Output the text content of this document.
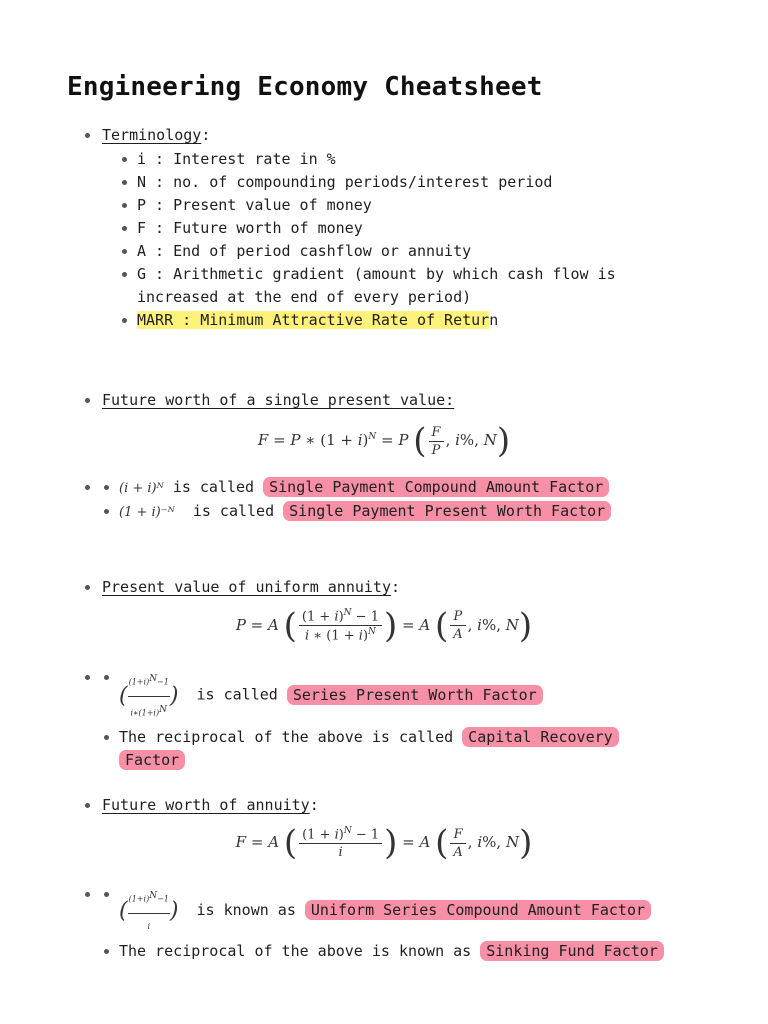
Engineering Economy Cheatsheet
Terminology:
i : Interest rate in %
N : no. of compounding periods/interest period
P : Present value of money
F : Future worth of money
A : End of period cashflow or annuity
G : Arithmetic gradient (amount by which cash flow is increased at the end of every period)
MARR : Minimum Attractive Rate of Return
Future worth of a single present value:
F = P ∗ $(1 + i)^N = P$ ( $\frac{F}{P}$ , i%, N)
(i + i)ᴺ is called Single Payment Compound Amount Factor
(1 + i)⁻ᴺ is called Single Payment Present Worth Factor
Present value of uniform annuity:
P = A ( $\frac{(1 + i)^N - 1}{i ∗ (1 + i)^N}$ ) = A ( $\frac{P}{A}$ , i%, N)
( $\frac{(1+i)^N-1}{i∗(1+i)^N}$ ) is called Series Present Worth Factor
The reciprocal of the above is called Capital Recovery
Factor
Future worth of annuity:
F = A ( $\frac{(1 + i)^N - 1}{i}$ ) = A ( $\frac{F}{A}$ , i%, N)
( $\frac{(1+i)^N-1}{i}$ ) is known as Uniform Series Compound Amount Factor
The reciprocal of the above is known as Sinking Fund Factor
